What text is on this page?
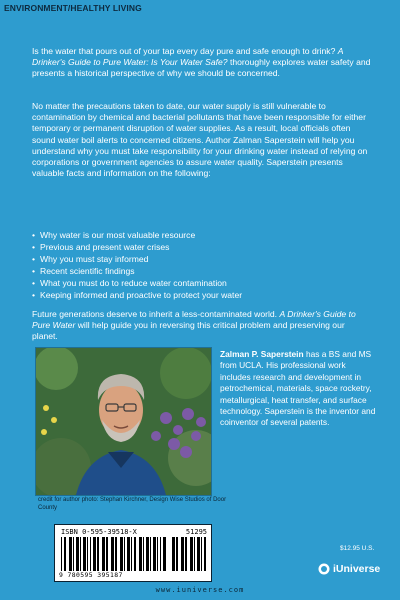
ENVIRONMENT/HEALTHY LIVING

Is the water that pours out of your tap every day pure and safe enough to drink? A Drinker's Guide to Pure Water: Is Your Water Safe? thoroughly explores water safety and presents a historical perspective of why we should be concerned.

No matter the precautions taken to date, our water supply is still vulnerable to contamination by chemical and bacterial pollutants that have been responsible for either temporary or permanent disruption of water supplies. As a result, local officials often sound water boil alerts to concerned citizens. Author Zalman Saperstein will help you understand why you must take responsibility for your drinking water instead of relying on corporations or government agencies to assure water quality. Saperstein presents valuable facts and information on the following:

• Why water is our most valuable resource
• Previous and present water crises
• Why you must stay informed
• Recent scientific findings
• What you must do to reduce water contamination
• Keeping informed and proactive to protect your water

Future generations deserve to inherit a less-contaminated world. A Drinker's Guide to Pure Water will help guide you in reversing this critical problem and preserving our planet.

credit for author photo: Stephan Kirchner, Design Wise Studios of Door County

Zalman P. Saperstein has a BS and MS from UCLA. His professional work includes research and development in petrochemical, materials, space rocketry, metallurgical, heat transfer, and surface technology. Saperstein is the inventor and coinventor of several patents.

ISBN 0-595-39518-X	51295
9 780595 395187
$12.95 U.S.
iUniverse
www.iuniverse.com
